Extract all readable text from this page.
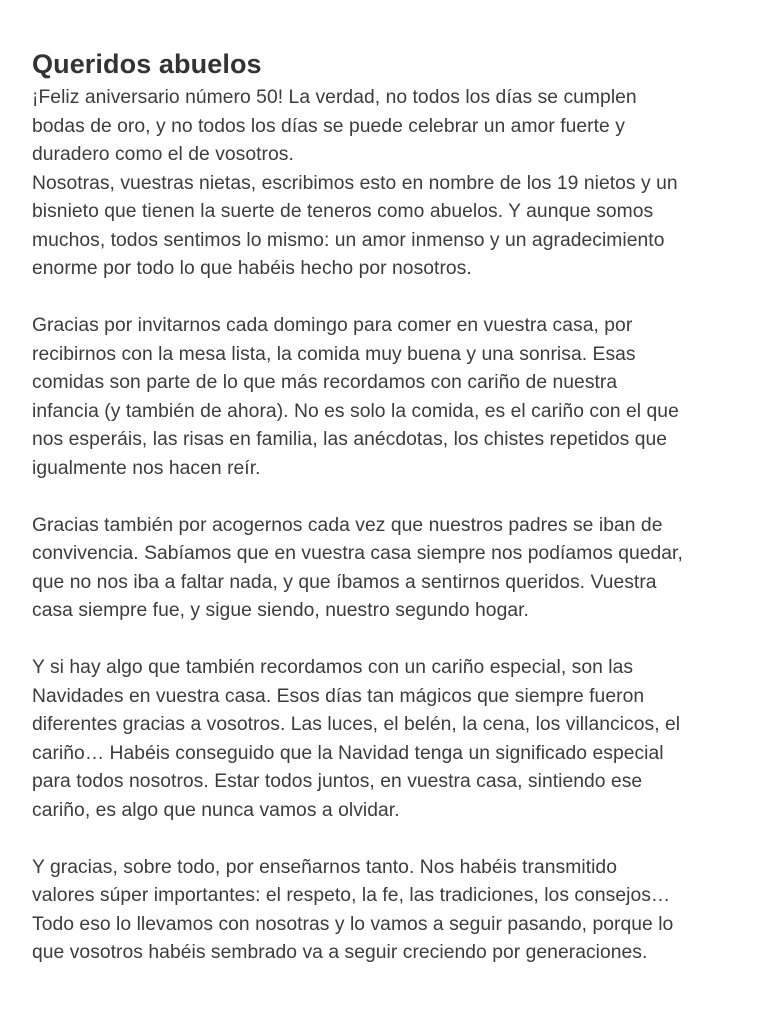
Queridos abuelos

¡Feliz aniversario número 50! La verdad, no todos los días se cumplen
bodas de oro, y no todos los días se puede celebrar un amor fuerte y
duradero como el de vosotros.

Nosotras, vuestras nietas, escribimos esto en nombre de los 19 nietos y un
bisnieto que tienen la suerte de teneros como abuelos. Y aunque somos
muchos, todos sentimos lo mismo: un amor inmenso y un agradecimiento
enorme por todo lo que habéis hecho por nosotros.

Gracias por invitarnos cada domingo para comer en vuestra casa, por
recibirnos con la mesa lista, la comida muy buena y una sonrisa. Esas
comidas son parte de lo que más recordamos con cariño de nuestra
infancia (y también de ahora). No es solo la comida, es el cariño con el que
nos esperáis, las risas en familia, las anécdotas, los chistes repetidos que
igualmente nos hacen reír.

Gracias también por acogernos cada vez que nuestros padres se iban de
convivencia. Sabíamos que en vuestra casa siempre nos podíamos quedar,
que no nos iba a faltar nada, y que íbamos a sentirnos queridos. Vuestra
casa siempre fue, y sigue siendo, nuestro segundo hogar.

Y si hay algo que también recordamos con un cariño especial, son las
Navidades en vuestra casa. Esos días tan mágicos que siempre fueron
diferentes gracias a vosotros. Las luces, el belén, la cena, los villancicos, el
cariño… Habéis conseguido que la Navidad tenga un significado especial
para todos nosotros. Estar todos juntos, en vuestra casa, sintiendo ese
cariño, es algo que nunca vamos a olvidar.

Y gracias, sobre todo, por enseñarnos tanto. Nos habéis transmitido
valores súper importantes: el respeto, la fe, las tradiciones, los consejos…
Todo eso lo llevamos con nosotras y lo vamos a seguir pasando, porque lo
que vosotros habéis sembrado va a seguir creciendo por generaciones.
